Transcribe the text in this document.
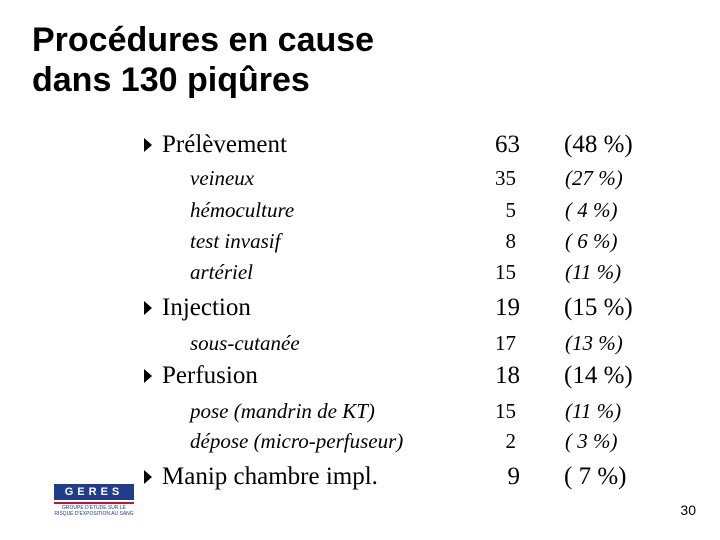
Procédures en cause
dans 130 piqûres
Prélèvement	63 (48 %)
veineux	35 (27 %)
hémoculture	5 ( 4 %)
test invasif	8 ( 6 %)
artériel	15 (11 %)
Injection	19 (15 %)
sous-cutanée	17 (13 %)
Perfusion	18 (14 %)
pose (mandrin de KT)	15 (11 %)
dépose (micro-perfuseur)	2 ( 3 %)
Manip chambre impl.	9 ( 7 %)
GERES
GROUPE D'ETUDE SUR LE RISQUE D'EXPOSITION AU SANG	30
